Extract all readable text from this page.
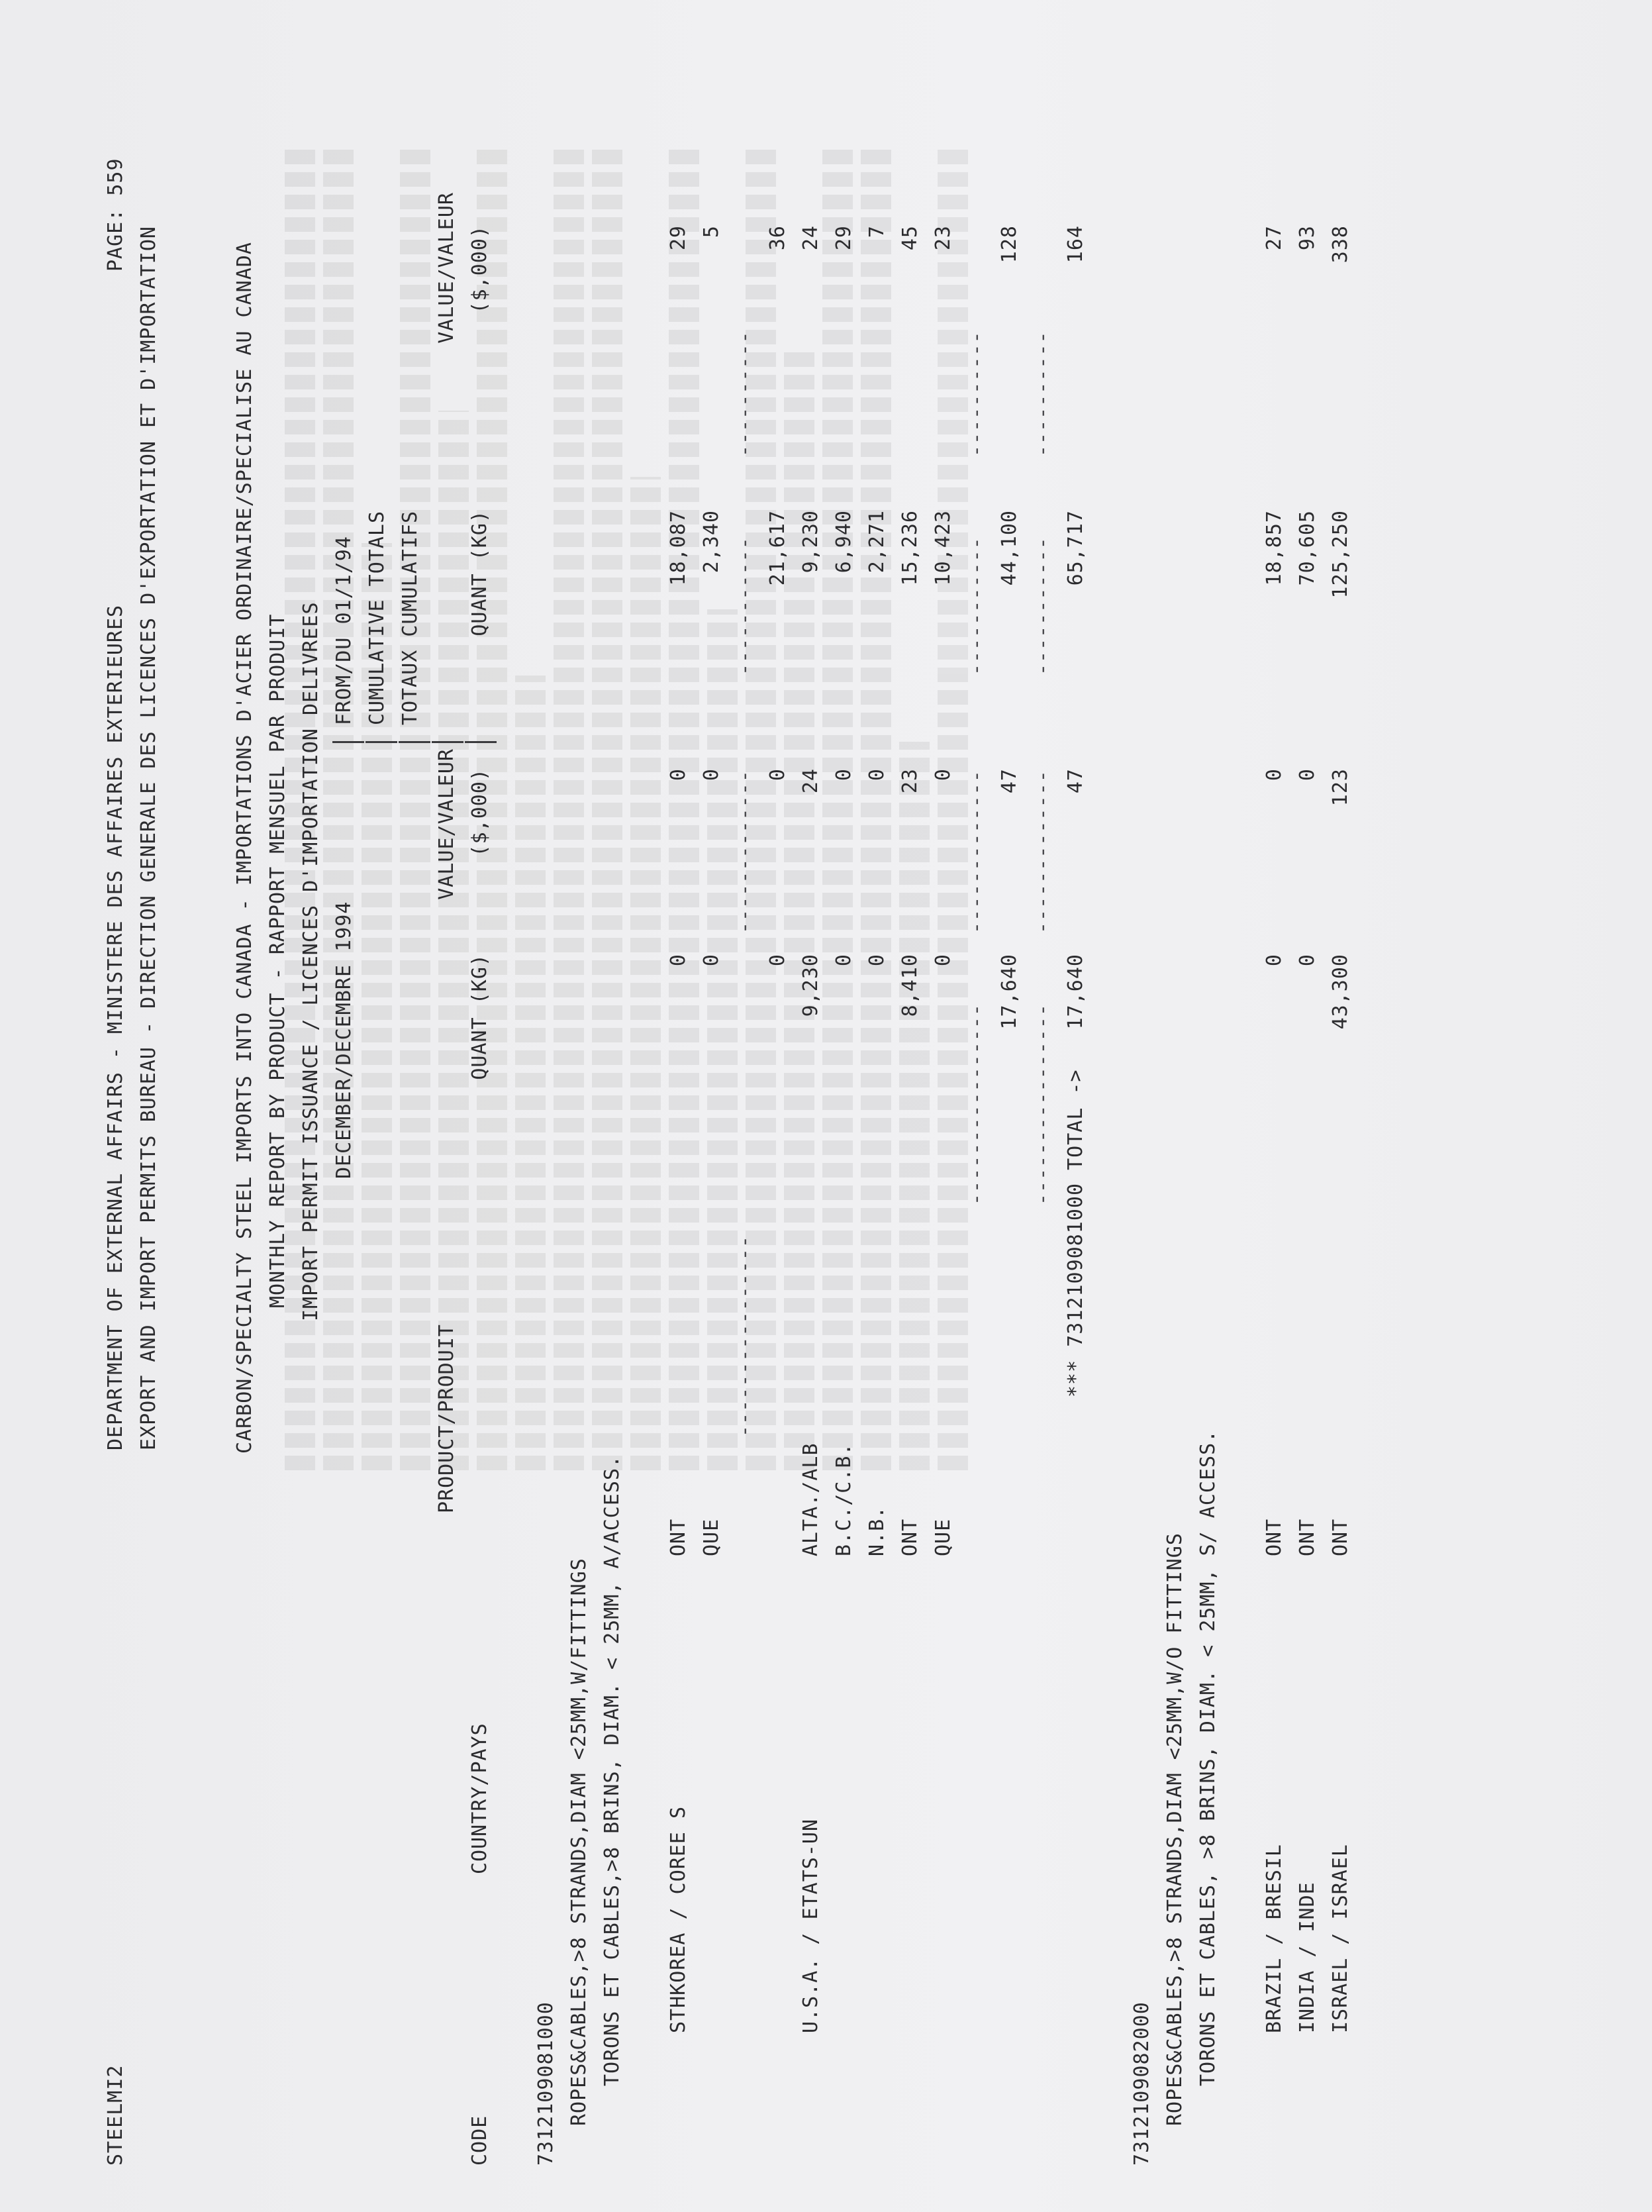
STEELMI2
DEPARTMENT OF EXTERNAL AFFAIRS - MINISTERE DES AFFAIRES EXTERIEURES
PAGE: 559
EXPORT AND IMPORT PERMITS BUREAU - DIRECTION GENERALE DES LICENCES D'EXPORTATION ET D'IMPORTATION	CARBON/SPECIALTY STEEL IMPORTS INTO CANADA - IMPORTATIONS D'ACIER ORDINAIRE/SPECIALISE AU CANADA MONTHLY REPORT BY PRODUCT - RAPPORT MENSUEL PAR PRODUIT IMPORT PERMIT ISSUANCE / LICENCES D'IMPORTATION DELIVREES DECEMBER/DECEMBRE 1994
FROM/DU 01/1/94 CUMULATIVE TOTALS TOTAUX CUMULATIFS
PRODUCT/PRODUIT
VALUE/VALEUR
VALUE/VALEUR
CODE
COUNTRY/PAYS
QUANT (KG)
($,000)
QUANT (KG)
($,000)
7312109081000 ROPES&CABLES,>8 STRANDS,DIAM <25MM,W/FITTINGS TORONS ET CABLES,>8 BRINS, DIAM. < 25MM, A/ACCESS. STHKOREA / COREE S
ONT
0
0
18,087
29
QUE
0
0
2,340
5
----------------
-------------
-----------
----------
0
0
21,617
36
U.S.A. / ETATS-UN
ALTA./ALB
9,230
24
9,230
24
B.C./C.B.
0
0
6,940
29
N.B.
0
0
2,271
7
ONT
8,410
23
15,236
45
QUE
0
0
10,423
23
----------------
-------------
-----------
----------
17,640
47
44,100
128
----------------
-------------
-----------
----------
*** 7312109081000 TOTAL ->
17,640
47
65,717
164
7312109082000 ROPES&CABLES,>8 STRANDS,DIAM <25MM,W/O FITTINGS TORONS ET CABLES, >8 BRINS, DIAM. < 25MM, S/ ACCESS. BRAZIL / BRESIL
ONT
0
0
18,857
27
INDIA / INDE
ONT
0
0
70,605
93
ISRAEL / ISRAEL
ONT
43,300
123
125,250
338
